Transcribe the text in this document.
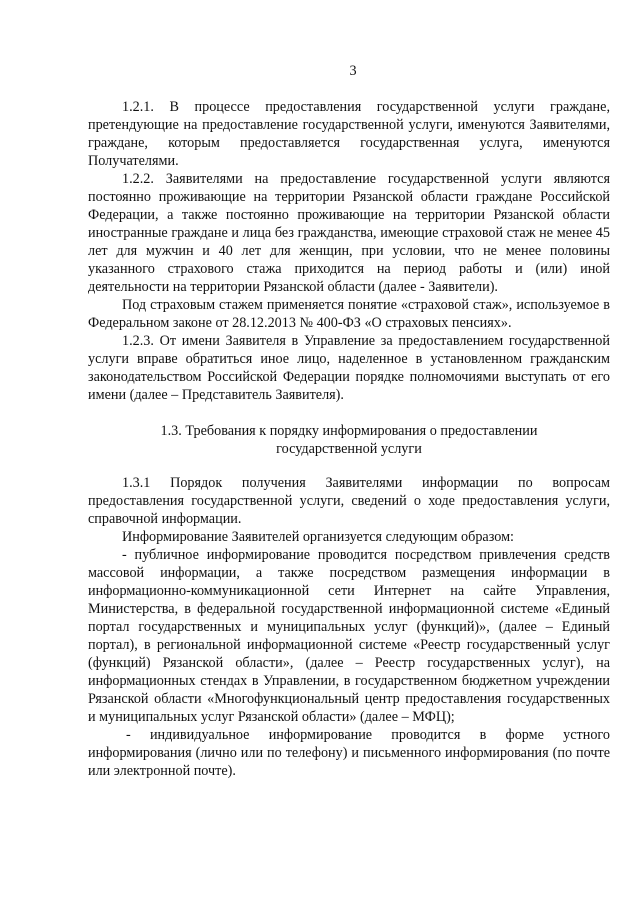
3

1.2.1. В процессе предоставления государственной услуги граждане, претендующие на предоставление государственной услуги, именуются Заявителями, граждане, которым предоставляется государственная услуга, именуются Получателями.

1.2.2. Заявителями на предоставление государственной услуги являются постоянно проживающие на территории Рязанской области граждане Российской Федерации, а также постоянно проживающие на территории Рязанской области иностранные граждане и лица без гражданства, имеющие страховой стаж не менее 45 лет для мужчин и 40 лет для женщин, при условии, что не менее половины указанного страхового стажа приходится на период работы и (или) иной деятельности на территории Рязанской области (далее - Заявители).

Под страховым стажем применяется понятие «страховой стаж», используемое в Федеральном законе от 28.12.2013 № 400-ФЗ «О страховых пенсиях».

1.2.3. От имени Заявителя в Управление за предоставлением государственной услуги вправе обратиться иное лицо, наделенное в установленном гражданским законодательством Российской Федерации порядке полномочиями выступать от его имени (далее – Представитель Заявителя).

1.3. Требования к порядку информирования о предоставлении государственной услуги

1.3.1 Порядок получения Заявителями информации по вопросам предоставления государственной услуги, сведений о ходе предоставления услуги, справочной информации.

Информирование Заявителей организуется следующим образом:

- публичное информирование проводится посредством привлечения средств массовой информации, а также посредством размещения информации в информационно-коммуникационной сети Интернет на сайте Управления, Министерства, в федеральной государственной информационной системе «Единый портал государственных и муниципальных услуг (функций)», (далее – Единый портал), в региональной информационной системе «Реестр государственный услуг (функций) Рязанской области», (далее – Реестр государственных услуг), на информационных стендах в Управлении, в государственном бюджетном учреждении Рязанской области «Многофункциональный центр предоставления государственных и муниципальных услуг Рязанской области» (далее – МФЦ);

- индивидуальное информирование проводится в форме устного информирования (лично или по телефону) и письменного информирования (по почте или электронной почте).
